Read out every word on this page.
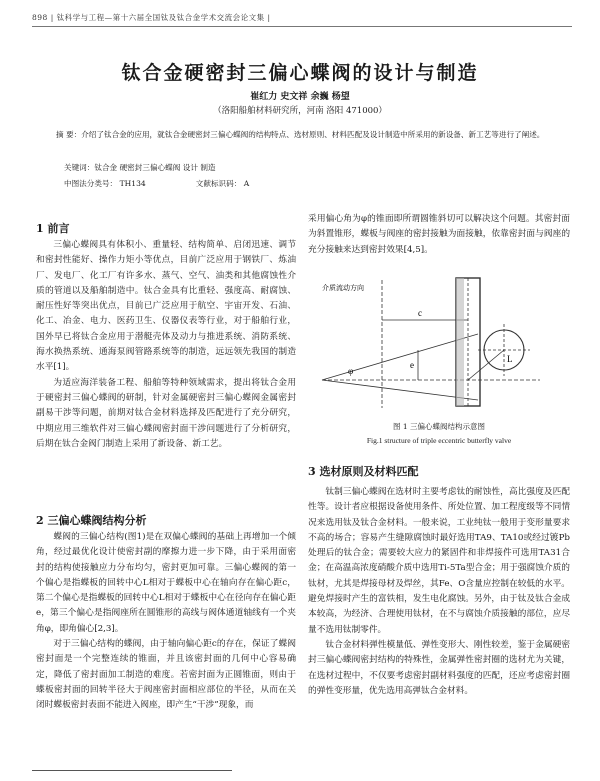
898 | 钛科学与工程—第十六届全国钛及钛合金学术交流会论文集 |
钛合金硬密封三偏心蝶阀的设计与制造
崔红力 史文祥 余巍 杨望
（洛阳船舶材料研究所，河南 洛阳 471000）
摘 要：介绍了钛合金的应用，就钛合金硬密封三偏心蝶阀的结构特点、选材原则、材料匹配及设计制造中所采用的新设备、新工艺等进行了阐述。
关键词：钛合金 硬密封三偏心蝶阀 设计 制造
中图法分类号： TH134	文献标识码： A
1 前言

三偏心蝶阀具有体积小、重量轻、结构简单、启闭迅速、调节和密封性能好、操作力矩小等优点，目前广泛应用于钢铁厂、炼油厂、发电厂、化工厂有许多水、蒸气、空气、油类和其他腐蚀性介质的管道以及船舶制造中。钛合金具有比重轻、强度高、耐腐蚀、耐压性好等突出优点，目前已广泛应用于航空、宇宙开发、石油、化工、冶金、电力、医药卫生、仪器仪表等行业，对于船舶行业，国外早已将钛合金应用于潜艇壳体及动力与推进系统、消防系统、海水换热系统、通海泵阀管路系统等的制造，远远领先我国的制造水平[1]。

为适应海洋装备工程、船舶等特种领域需求，提出将钛合金用于硬密封三偏心蝶阀的研制，针对金属硬密封三偏心蝶阀金属密封副易干涉等问题，前期对钛合金材料选择及匹配进行了充分研究，中期应用三维软件对三偏心蝶阀密封面干涉问题进行了分析研究，后期在钛合金阀门制造上采用了新设备、新工艺。

2 三偏心蝶阀结构分析

蝶阀的三偏心结构(图1)是在双偏心蝶阀的基础上再增加一个倾角，经过最优化设计使密封副的摩擦力进一步下降，由于采用面密封的结构使接触应力分布均匀，密封更加可靠。三偏心蝶阀的第一个偏心是指蝶板的回转中心L相对于蝶板中心在轴向存在偏心距c，第二个偏心是指蝶板的回转中心L相对于蝶板中心在径向存在偏心距e，第三个偏心是指阀座所在圆锥形的高线与阀体通道轴线有一个夹角φ，即角偏心[2,3]。

对于三偏心结构的蝶阀，由于轴向偏心距c的存在，保证了蝶阀密封面是一个完整连续的锥面，并且该密封面的几何中心容易确定，降低了密封面加工制造的难度。若密封面为正圆锥面，则由于蝶板密封面的回转半径大于阀座密封面相应部位的半径，从而在关闭时蝶板密封表面不能进入阀座，即产生“干涉”现象，而

采用偏心角为φ的锥面即所谓圆锥斜切可以解决这个问题。其密封面为斜置锥形，蝶板与阀座的密封接触为面接触，依靠密封面与阀座的充分接触来达到密封效果[4,5]。

c
e
φ
L
介质流动方向
图 1 三偏心蝶阀结构示意图
Fig.1 structure of triple eccentric butterfly valve
3 选材原则及材料匹配

钛制三偏心蝶阀在选材时主要考虑钛的耐蚀性，高比强度及匹配性等。设计者应根据设备使用条件、所处位置、加工程度级等不同情况来选用钛及钛合金材料。一般来说，工业纯钛一般用于变形量要求不高的场合；容易产生缝隙腐蚀时最好选用TA9、TA10或经过镀Pb处理后的钛合金；需要较大应力的紧固件和非焊接件可选用TA31合金；在高温高浓度硝酸介质中选用Ti-5Ta型合金；用于强腐蚀介质的钛材，尤其是焊接母材及焊丝，其Fe、O含量应控制在较低的水平。避免焊接时产生的富铁相，发生电化腐蚀。另外，由于钛及钛合金成本较高，为经济、合理使用钛材，在不与腐蚀介质接触的部位，应尽量不选用钛制零件。

钛合金材料弹性模量低、弹性变形大、刚性较差，鉴于金属硬密封三偏心蝶阀密封结构的特殊性，金属弹性密封圈的选材尤为关键，在选材过程中，不仅要考虑密封副材料强度的匹配，还应考虑密封圈的弹性变形量，优先选用高弹钛合金材料。
